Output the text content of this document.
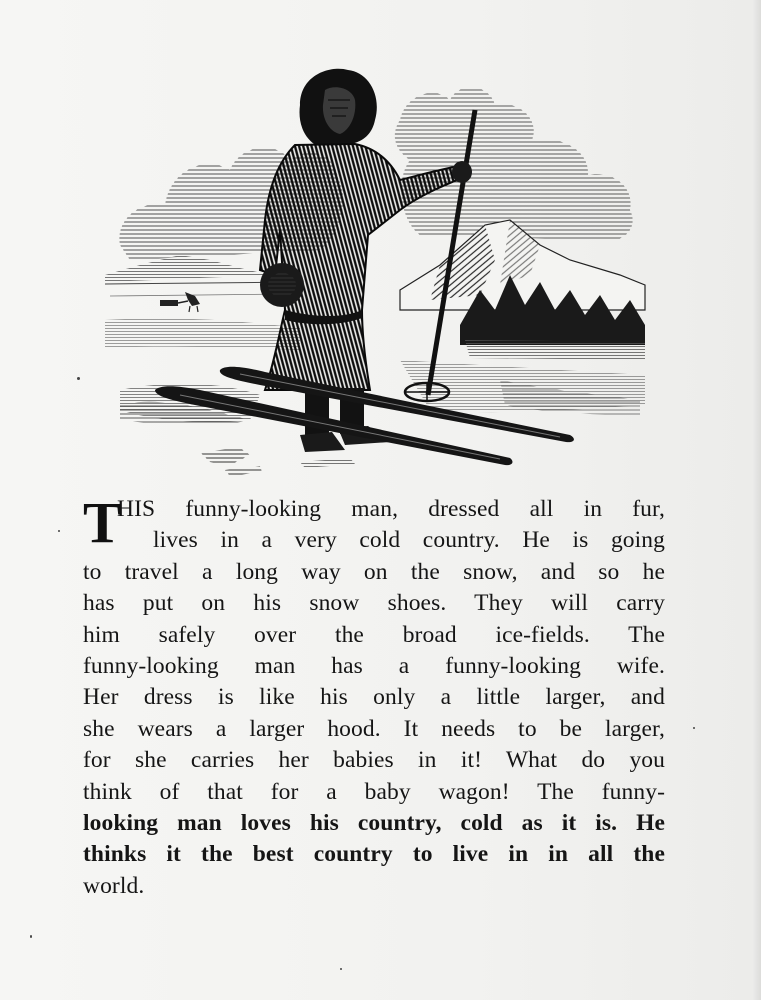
T
HIS funny-looking man, dressed all in fur,
lives in a very cold country. He is going
to travel a long way on the snow, and so he
has put on his snow shoes. They will carry
him safely over the broad ice-fields. The
funny-looking man has a funny-looking wife.
Her dress is like his only a little larger, and
she wears a larger hood. It needs to be larger,
for she carries her babies in it! What do you
think of that for a baby wagon! The funny-
looking man loves his country, cold as it is. He
thinks it the best country to live in in all the
world.
